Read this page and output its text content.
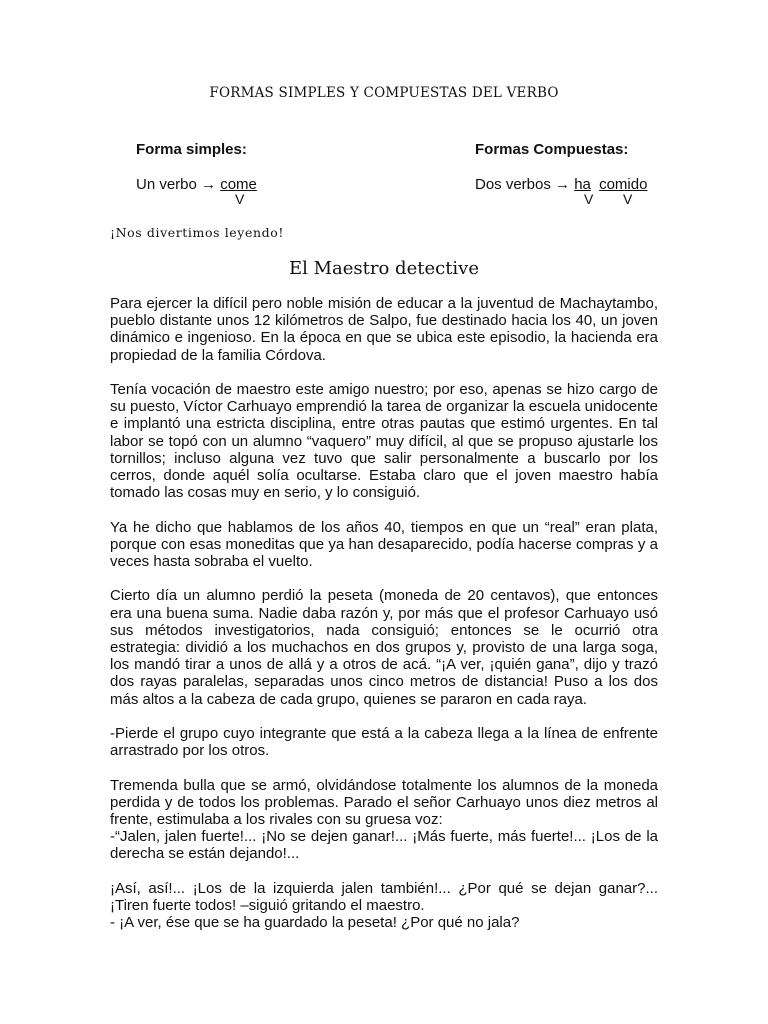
FORMAS SIMPLES Y COMPUESTAS DEL VERBO
Forma simples:	Formas Compuestas:
Un verbo → come
V
Dos verbos → ha comido
V V
¡Nos divertimos leyendo!
El Maestro detective

Para ejercer la difícil pero noble misión de educar a la juventud de Machaytambo, pueblo distante unos 12 kilómetros de Salpo, fue destinado hacia los 40, un joven dinámico e ingenioso. En la época en que se ubica este episodio, la hacienda era propiedad de la familia Córdova.

Tenía vocación de maestro este amigo nuestro; por eso, apenas se hizo cargo de su puesto, Víctor Carhuayo emprendió la tarea de organizar la escuela unidocente e implantó una estricta disciplina, entre otras pautas que estimó urgentes. En tal labor se topó con un alumno “vaquero” muy difícil, al que se propuso ajustarle los tornillos; incluso alguna vez tuvo que salir personalmente a buscarlo por los cerros, donde aquél solía ocultarse. Estaba claro que el joven maestro había tomado las cosas muy en serio, y lo consiguió.

Ya he dicho que hablamos de los años 40, tiempos en que un “real” eran plata, porque con esas moneditas que ya han desaparecido, podía hacerse compras y a veces hasta sobraba el vuelto.

Cierto día un alumno perdió la peseta (moneda de 20 centavos), que entonces era una buena suma. Nadie daba razón y, por más que el profesor Carhuayo usó sus métodos investigatorios, nada consiguió; entonces se le ocurrió otra estrategia: dividió a los muchachos en dos grupos y, provisto de una larga soga, los mandó tirar a unos de allá y a otros de acá. “¡A ver, ¡quién gana”, dijo y trazó dos rayas paralelas, separadas unos cinco metros de distancia! Puso a los dos más altos a la cabeza de cada grupo, quienes se pararon en cada raya.

-Pierde el grupo cuyo integrante que está a la cabeza llega a la línea de enfrente arrastrado por los otros.

Tremenda bulla que se armó, olvidándose totalmente los alumnos de la moneda perdida y de todos los problemas. Parado el señor Carhuayo unos diez metros al frente, estimulaba a los rivales con su gruesa voz:

-“Jalen, jalen fuerte!... ¡No se dejen ganar!... ¡Más fuerte, más fuerte!... ¡Los de la derecha se están dejando!...

¡Así, así!... ¡Los de la izquierda jalen también!... ¿Por qué se dejan ganar?... ¡Tiren fuerte todos! –siguió gritando el maestro.

- ¡A ver, ése que se ha guardado la peseta! ¿Por qué no jala?
